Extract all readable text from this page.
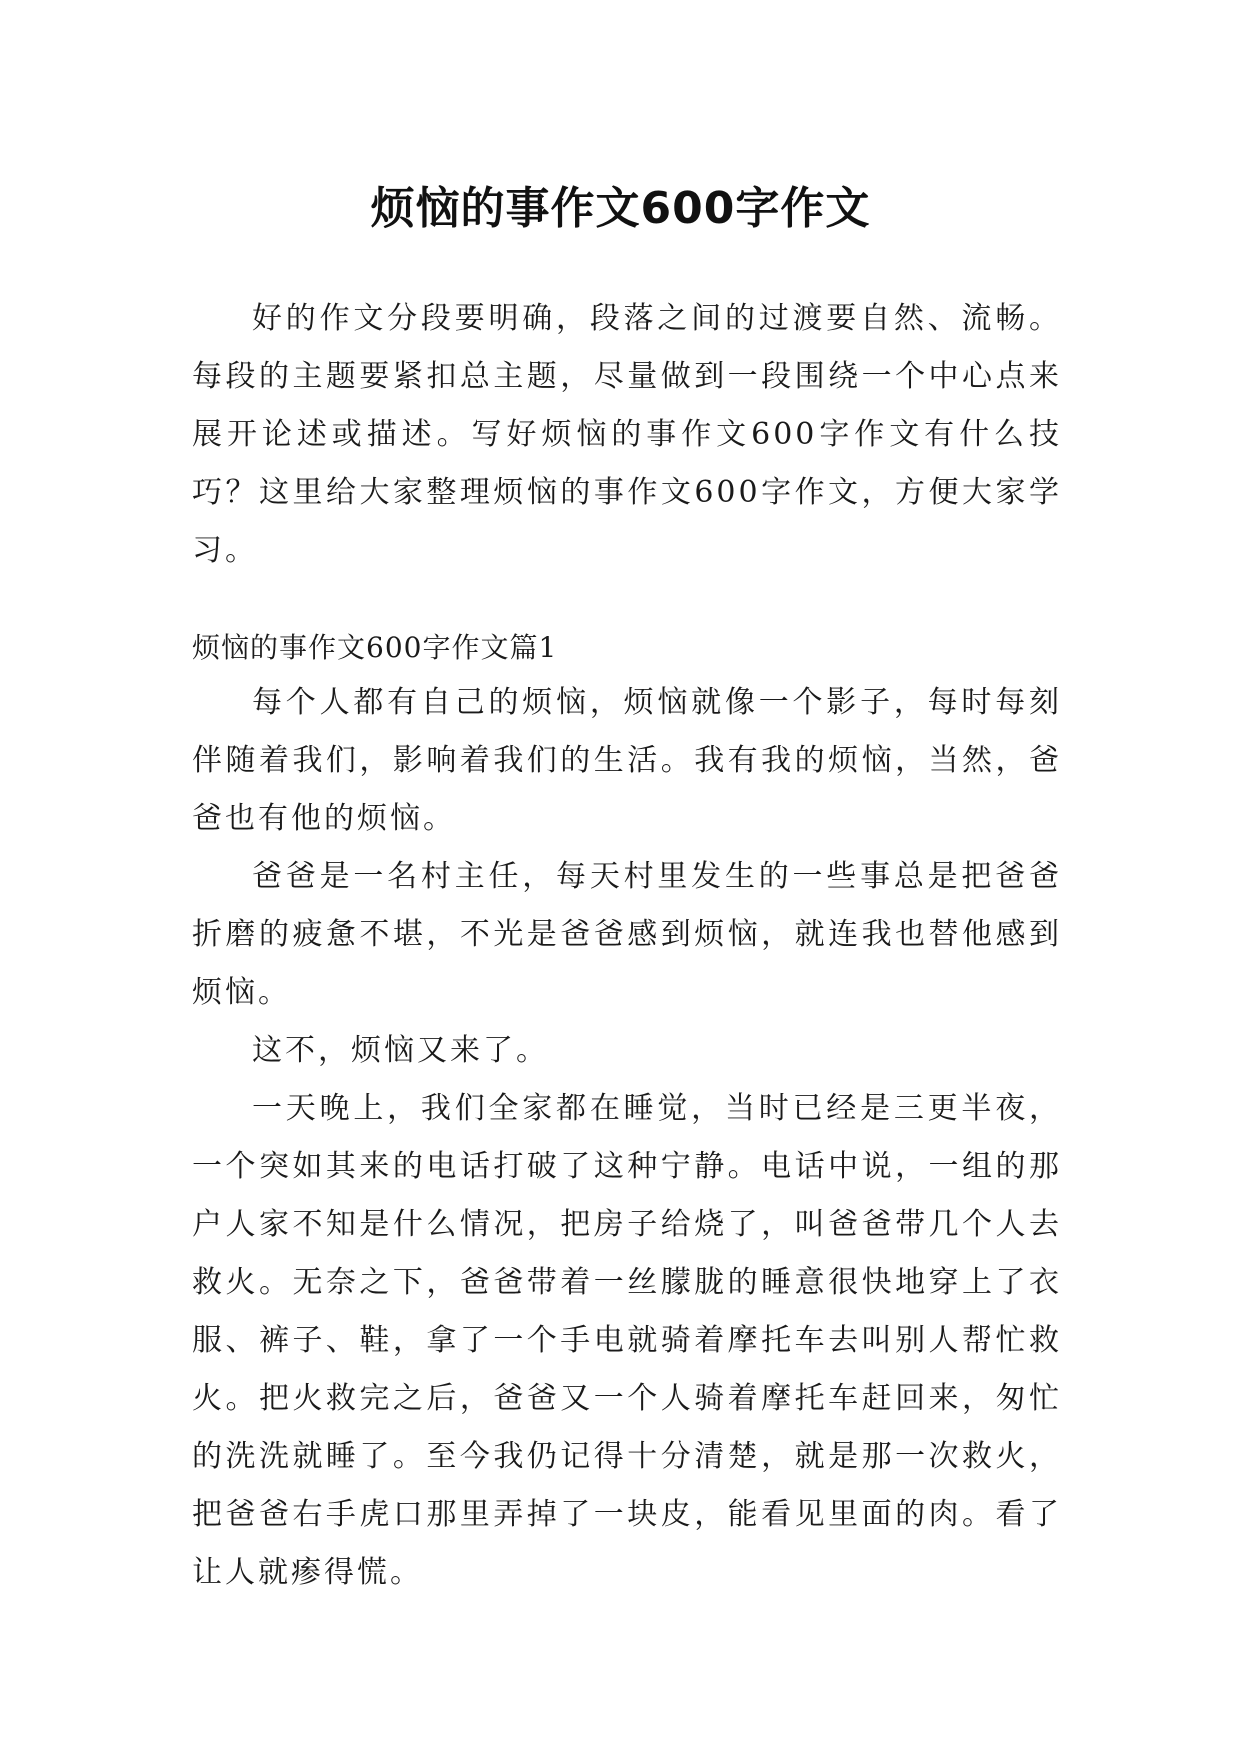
烦恼的事作文600字作文

好的作文分段要明确，段落之间的过渡要自然、流畅。每段的主题要紧扣总主题，尽量做到一段围绕一个中心点来展开论述或描述。写好烦恼的事作文600字作文有什么技巧？这里给大家整理烦恼的事作文600字作文，方便大家学习。

烦恼的事作文600字作文篇1

每个人都有自己的烦恼，烦恼就像一个影子，每时每刻伴随着我们，影响着我们的生活。我有我的烦恼，当然，爸爸也有他的烦恼。

爸爸是一名村主任，每天村里发生的一些事总是把爸爸折磨的疲惫不堪，不光是爸爸感到烦恼，就连我也替他感到烦恼。

这不，烦恼又来了。

一天晚上，我们全家都在睡觉，当时已经是三更半夜，一个突如其来的电话打破了这种宁静。电话中说，一组的那户人家不知是什么情况，把房子给烧了，叫爸爸带几个人去救火。无奈之下，爸爸带着一丝朦胧的睡意很快地穿上了衣服、裤子、鞋，拿了一个手电就骑着摩托车去叫别人帮忙救火。把火救完之后，爸爸又一个人骑着摩托车赶回来，匆忙的洗洗就睡了。至今我仍记得十分清楚，就是那一次救火，把爸爸右手虎口那里弄掉了一块皮，能看见里面的肉。看了让人就瘆得慌。
